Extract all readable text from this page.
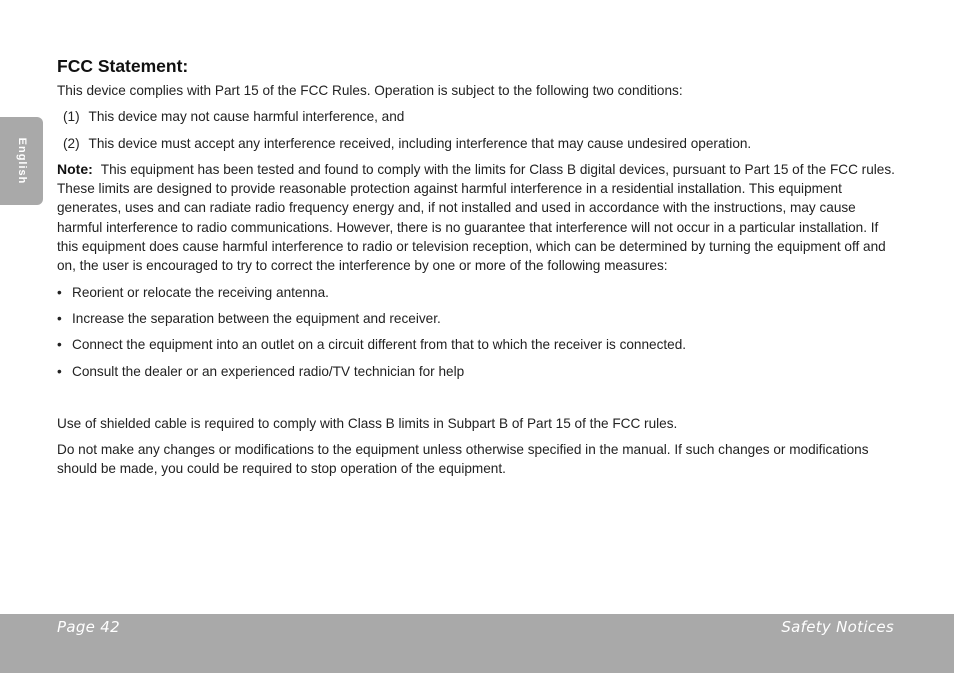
English
FCC Statement:

This device complies with Part 15 of the FCC Rules. Operation is subject to the following two conditions:

(1) This device may not cause harmful interference, and
(2) This device must accept any interference received, including interference that may cause undesired operation.

Note: This equipment has been tested and found to comply with the limits for Class B digital devices, pursuant to Part 15 of the FCC rules. These limits are designed to provide reasonable protection against harmful interference in a residential installation. This equipment generates, uses and can radiate radio frequency energy and, if not installed and used in accordance with the instructions, may cause harmful interference to radio communications. However, there is no guarantee that interference will not occur in a particular installation. If this equipment does cause harmful interference to radio or television reception, which can be determined by turning the equipment off and on, the user is encouraged to try to correct the interference by one or more of the following measures:

• Reorient or relocate the receiving antenna.
• Increase the separation between the equipment and receiver.
• Connect the equipment into an outlet on a circuit different from that to which the receiver is connected.
• Consult the dealer or an experienced radio/TV technician for help

Use of shielded cable is required to comply with Class B limits in Subpart B of Part 15 of the FCC rules.

Do not make any changes or modifications to the equipment unless otherwise specified in the manual. If such changes or modifications should be made, you could be required to stop operation of the equipment.

Page 42	Safety Notices
